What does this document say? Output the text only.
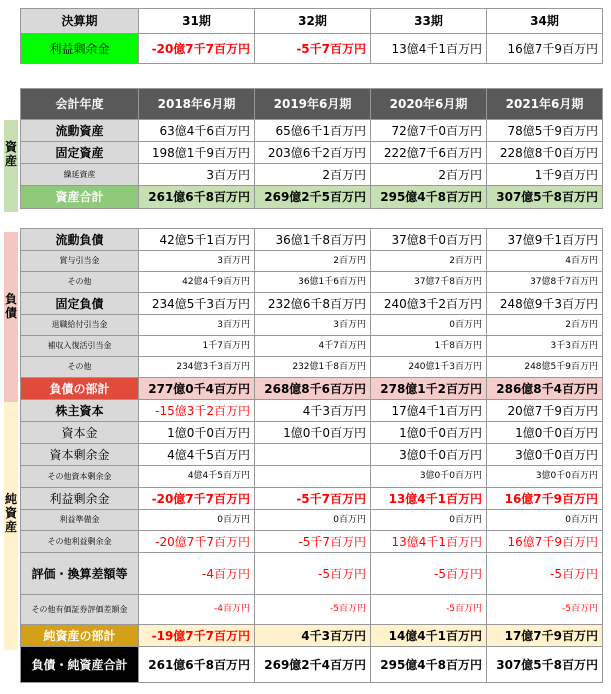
決算期	31期	32期	33期	34期
利益剰余金	-20億7千7百万円	-5千7百万円	13億4千1百万円	16億7千9百万円
資産
負債
純資産
会計年度	2018年6月期	2019年6月期	2020年6月期	2021年6月期
流動資産	63億4千6百万円	65億6千1百万円	72億7千0百万円	78億5千9百万円
固定資産	198億1千9百万円	203億6千2百万円	222億7千6百万円	228億8千0百万円
繰延資産	3百万円	2百万円	2百万円	1千9百万円
資産合計	261億6千8百万円	269億2千5百万円	295億4千8百万円	307億5千8百万円

流動負債	42億5千1百万円	36億1千8百万円	37億8千0百万円	37億9千1百万円
賞与引当金	3百万円	2百万円	2百万円	4百万円
その他	42億4千9百万円	36億1千6百万円	37億7千8百万円	37億8千7百万円
固定負債	234億5千3百万円	232億6千8百万円	240億3千2百万円	248億9千3百万円
退職給付引当金	3百万円	3百万円	0百万円	2百万円
補収入復活引当金	1千7百万円	4千7百万円	1千8百万円	3千3百万円
その他	234億3千3百万円	232億1千8百万円	240億1千3百万円	248億5千9百万円
負債の部計	277億0千4百万円	268億8千6百万円	278億1千2百万円	286億8千4百万円
株主資本	-15億3千2百万円	4千3百万円	17億4千1百万円	20億7千9百万円
資本金	1億0千0百万円	1億0千0百万円	1億0千0百万円	1億0千0百万円
資本剰余金	4億4千5百万円		3億0千0百万円	3億0千0百万円
その他資本剰余金	4億4千5百万円		3億0千0百万円	3億0千0百万円
利益剰余金	-20億7千7百万円	-5千7百万円	13億4千1百万円	16億7千9百万円
利益準備金	0百万円	0百万円	0百万円	0百万円
その他利益剰余金	-20億7千7百万円	-5千7百万円	13億4千1百万円	16億7千9百万円
評価・換算差額等	-4百万円	-5百万円	-5百万円	-5百万円
その他有価証券評価差額金	-4百万円	-5百万円	-5百万円	-5百万円
純資産の部計	-19億7千7百万円	4千3百万円	14億4千1百万円	17億7千9百万円
負債・純資産合計	261億6千8百万円	269億2千4百万円	295億4千8百万円	307億5千8百万円
